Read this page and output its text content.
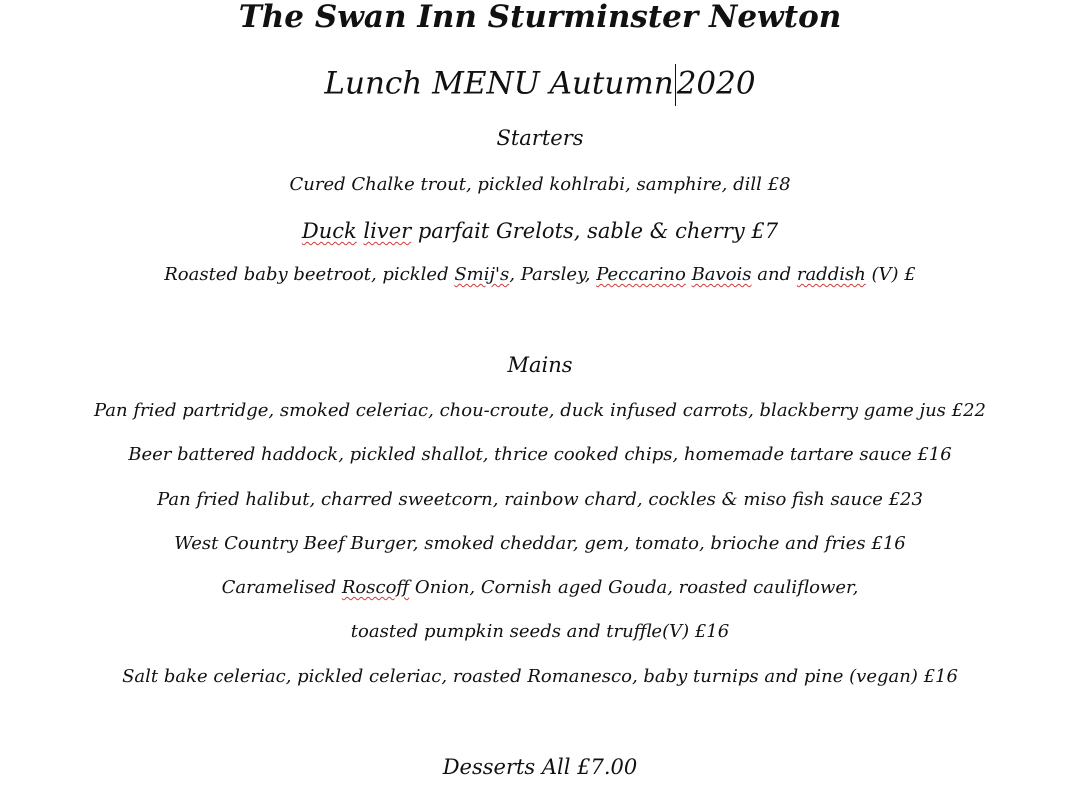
The Swan Inn Sturminster Newton
Lunch MENU Autumn2020
Starters
Cured Chalke trout, pickled kohlrabi, samphire, dill £8
Duck liver parfait Grelots, sable & cherry £7
Roasted baby beetroot, pickled Smij's, Parsley, Peccarino Bavois and raddish (V) £
Mains
Pan fried partridge, smoked celeriac, chou-croute, duck infused carrots, blackberry game jus £22
Beer battered haddock, pickled shallot, thrice cooked chips, homemade tartare sauce £16
Pan fried halibut, charred sweetcorn, rainbow chard, cockles & miso fish sauce £23
West Country Beef Burger, smoked cheddar, gem, tomato, brioche and fries £16
Caramelised Roscoff Onion, Cornish aged Gouda, roasted cauliflower,
toasted pumpkin seeds and truffle(V) £16
Salt bake celeriac, pickled celeriac, roasted Romanesco, baby turnips and pine (vegan) £16
Desserts All £7.00
